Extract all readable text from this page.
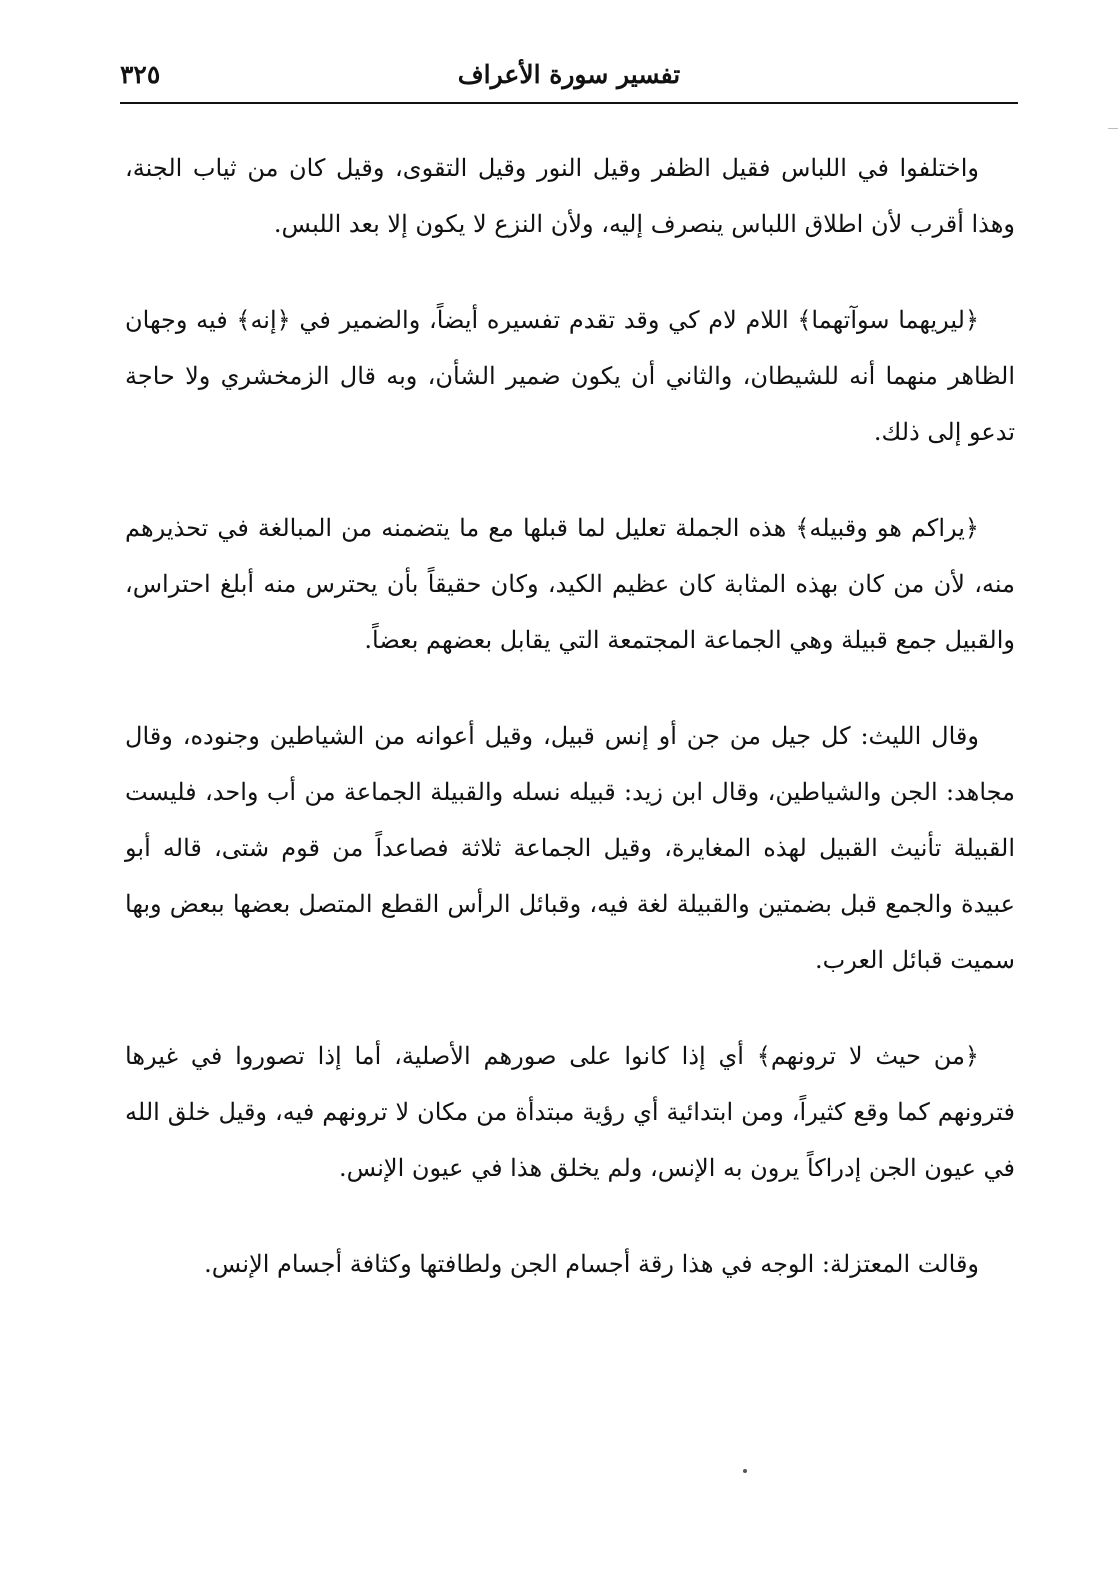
تفسير سورة الأعراف
٣٢٥

واختلفوا في اللباس فقيل الظفر وقيل النور وقيل التقوى، وقيل كان من ثياب الجنة، وهذا أقرب لأن اطلاق اللباس ينصرف إليه، ولأن النزع لا يكون إلا بعد اللبس.

﴿ليريهما سوآتهما﴾ اللام لام كي وقد تقدم تفسيره أيضاً، والضمير في ﴿إنه﴾ فيه وجهان الظاهر منهما أنه للشيطان، والثاني أن يكون ضمير الشأن، وبه قال الزمخشري ولا حاجة تدعو إلى ذلك.

﴿يراكم هو وقبيله﴾ هذه الجملة تعليل لما قبلها مع ما يتضمنه من المبالغة في تحذيرهم منه، لأن من كان بهذه المثابة كان عظيم الكيد، وكان حقيقاً بأن يحترس منه أبلغ احتراس، والقبيل جمع قبيلة وهي الجماعة المجتمعة التي يقابل بعضهم بعضاً.

وقال الليث: كل جيل من جن أو إنس قبيل، وقيل أعوانه من الشياطين وجنوده، وقال مجاهد: الجن والشياطين، وقال ابن زيد: قبيله نسله والقبيلة الجماعة من أب واحد، فليست القبيلة تأنيث القبيل لهذه المغايرة، وقيل الجماعة ثلاثة فصاعداً من قوم شتى، قاله أبو عبيدة والجمع قبل بضمتين والقبيلة لغة فيه، وقبائل الرأس القطع المتصل بعضها ببعض وبها سميت قبائل العرب.

﴿من حيث لا ترونهم﴾ أي إذا كانوا على صورهم الأصلية، أما إذا تصوروا في غيرها فترونهم كما وقع كثيراً، ومن ابتدائية أي رؤية مبتدأة من مكان لا ترونهم فيه، وقيل خلق الله في عيون الجن إدراكاً يرون به الإنس، ولم يخلق هذا في عيون الإنس.

وقالت المعتزلة: الوجه في هذا رقة أجسام الجن ولطافتها وكثافة أجسام الإنس.
